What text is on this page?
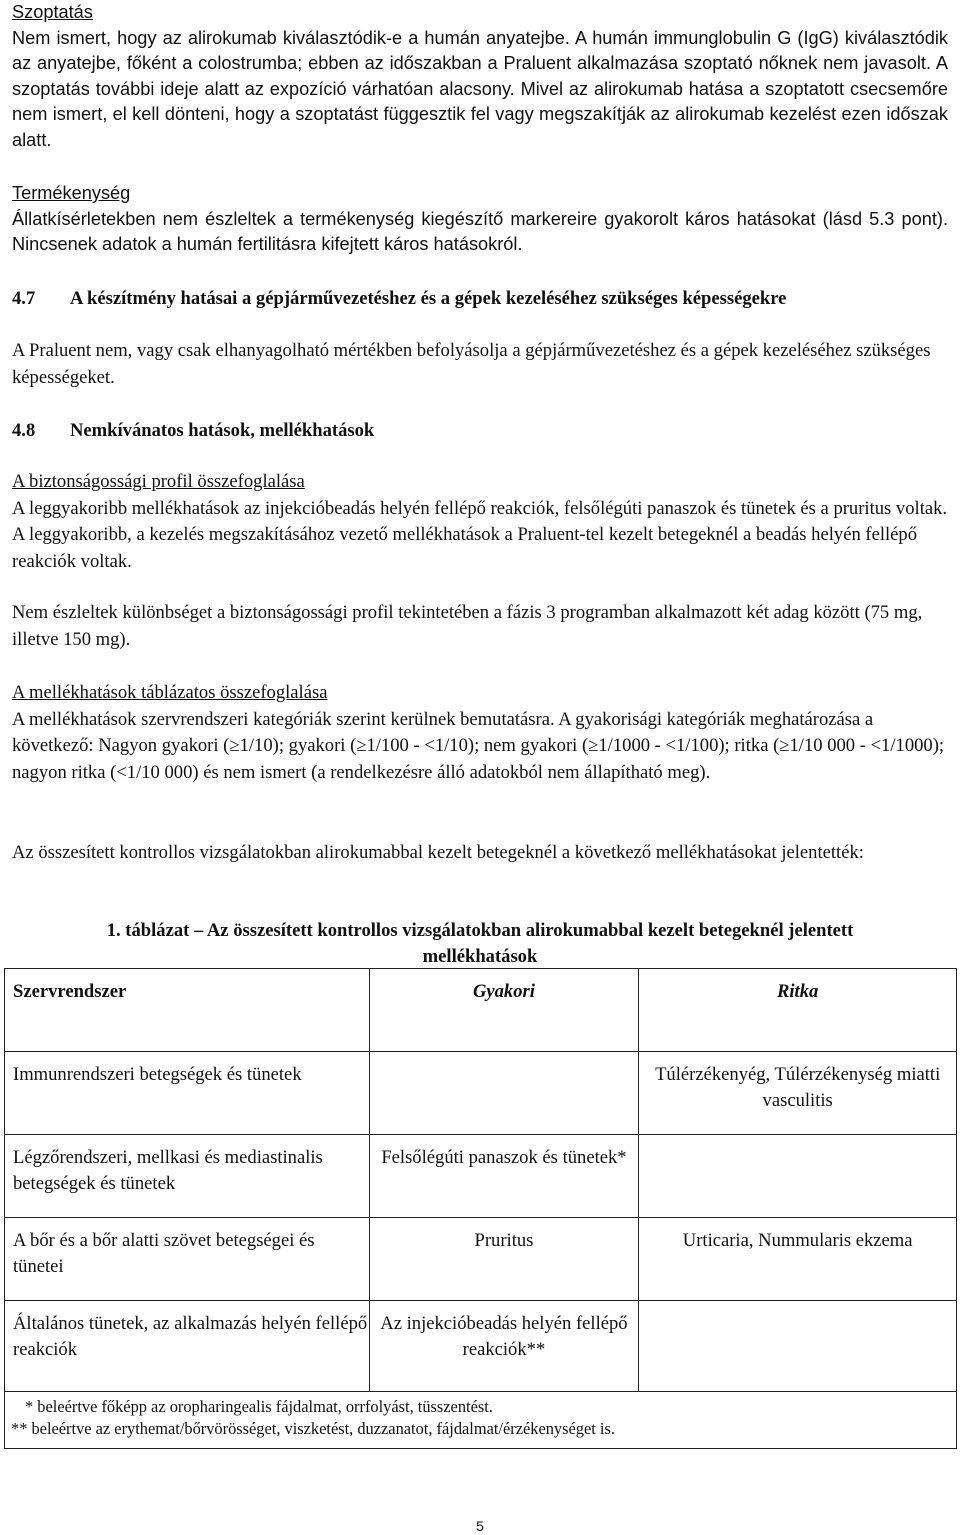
Szoptatás

Nem ismert, hogy az alirokumab kiválasztódik-e a humán anyatejbe. A humán immunglobulin G (IgG) kiválasztódik az anyatejbe, főként a colostrumba; ebben az időszakban a Praluent alkalmazása szoptató nőknek nem javasolt. A szoptatás további ideje alatt az expozíció várhatóan alacsony. Mivel az alirokumab hatása a szoptatott csecsemőre nem ismert, el kell dönteni, hogy a szoptatást függesztik fel vagy megszakítják az alirokumab kezelést ezen időszak alatt.

Termékenység

Állatkísérletekben nem észleltek a termékenység kiegészítő markereire gyakorolt káros hatásokat (lásd 5.3 pont). Nincsenek adatok a humán fertilitásra kifejtett káros hatásokról.

4.7 A készítmény hatásai a gépjárművezetéshez és a gépek kezeléséhez szükséges képességekre

A Praluent nem, vagy csak elhanyagolható mértékben befolyásolja a gépjárművezetéshez és a gépek kezeléséhez szükséges képességeket.

4.8 Nemkívánatos hatások, mellékhatások

A biztonságossági profil összefoglalása

A leggyakoribb mellékhatások az injekcióbeadás helyén fellépő reakciók, felsőlégúti panaszok és tünetek és a pruritus voltak. A leggyakoribb, a kezelés megszakításához vezető mellékhatások a Praluent-tel kezelt betegeknél a beadás helyén fellépő reakciók voltak.

Nem észleltek különbséget a biztonságossági profil tekintetében a fázis 3 programban alkalmazott két adag között (75 mg, illetve 150 mg).

A mellékhatások táblázatos összefoglalása

A mellékhatások szervrendszeri kategóriák szerint kerülnek bemutatásra. A gyakorisági kategóriák meghatározása a következő: Nagyon gyakori (≥1/10); gyakori (≥1/100 - <1/10); nem gyakori (≥1/1000 - <1/100); ritka (≥1/10 000 - <1/1000); nagyon ritka (<1/10 000) és nem ismert (a rendelkezésre álló adatokból nem állapítható meg).

Az összesített kontrollos vizsgálatokban alirokumabbal kezelt betegeknél a következő mellékhatásokat jelentették:

1. táblázat – Az összesített kontrollos vizsgálatokban alirokumabbal kezelt betegeknél jelentett

mellékhatások

Szervrendszer	Gyakori	Ritka
Immunrendszeri betegségek és tünetek		Túlérzékenyég, Túlérzékenység miatti vasculitis

Légzőrendszeri, mellkasi és mediastinalis betegségek és tünetek	Felsőlégúti panaszok és tünetek*	
A bőr és a bőr alatti szövet betegségei és tünetei	Pruritus	Urticaria, Nummularis ekzema
Általános tünetek, az alkalmazás helyén fellépő reakciók	Az injekcióbeadás helyén fellépő reakciók**	

* beleértve főképp az oropharingealis fájdalmat, orrfolyást, tüsszentést.
** beleértve az erythemat/bőrvörösséget, viszketést, duzzanatot, fájdalmat/érzékenységet is.		
5
